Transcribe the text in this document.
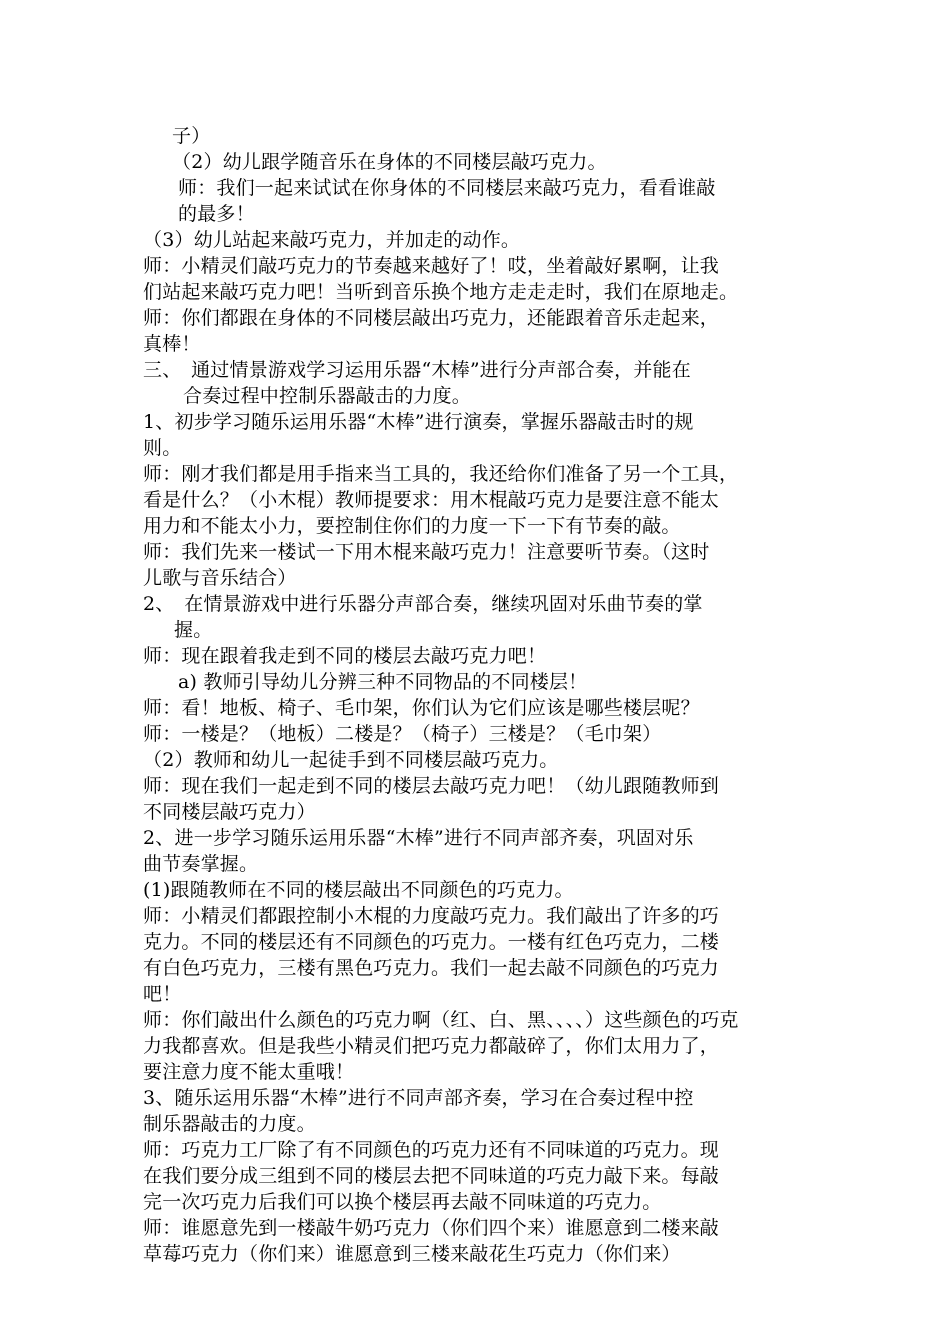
子）
（2）幼儿跟学随音乐在身体的不同楼层敲巧克力。
师：我们一起来试试在你身体的不同楼层来敲巧克力，看看谁敲
的最多！
（3）幼儿站起来敲巧克力，并加走的动作。
师：小精灵们敲巧克力的节奏越来越好了！哎，坐着敲好累啊，让我
们站起来敲巧克力吧！当听到音乐换个地方走走走时，我们在原地走。
师：你们都跟在身体的不同楼层敲出巧克力，还能跟着音乐走起来，
真棒！
三、　通过情景游戏学习运用乐器“木棒”进行分声部合奏，并能在
合奏过程中控制乐器敲击的力度。
1、初步学习随乐运用乐器“木棒”进行演奏，掌握乐器敲击时的规
则。
师：刚才我们都是用手指来当工具的，我还给你们准备了另一个工具，
看是什么？（小木棍）教师提要求：用木棍敲巧克力是要注意不能太
用力和不能太小力，要控制住你们的力度一下一下有节奏的敲。
师：我们先来一楼试一下用木棍来敲巧克力！注意要听节奏。（这时
儿歌与音乐结合）
2、　在情景游戏中进行乐器分声部合奏，继续巩固对乐曲节奏的掌
握。
师：现在跟着我走到不同的楼层去敲巧克力吧！
a) 教师引导幼儿分辨三种不同物品的不同楼层！
师：看！地板、椅子、毛巾架，你们认为它们应该是哪些楼层呢？
师：一楼是？（地板）二楼是？（椅子）三楼是？（毛巾架）
（2）教师和幼儿一起徒手到不同楼层敲巧克力。
师：现在我们一起走到不同的楼层去敲巧克力吧！（幼儿跟随教师到
不同楼层敲巧克力）
2、进一步学习随乐运用乐器“木棒”进行不同声部齐奏，巩固对乐
曲节奏掌握。
(1)跟随教师在不同的楼层敲出不同颜色的巧克力。
师：小精灵们都跟控制小木棍的力度敲巧克力。我们敲出了许多的巧
克力。不同的楼层还有不同颜色的巧克力。一楼有红色巧克力，二楼
有白色巧克力，三楼有黑色巧克力。我们一起去敲不同颜色的巧克力
吧！
师：你们敲出什么颜色的巧克力啊（红、白、黑、、、、）这些颜色的巧克
力我都喜欢。但是我些小精灵们把巧克力都敲碎了，你们太用力了，
要注意力度不能太重哦！
3、随乐运用乐器“木棒”进行不同声部齐奏，学习在合奏过程中控
制乐器敲击的力度。
师：巧克力工厂除了有不同颜色的巧克力还有不同味道的巧克力。现
在我们要分成三组到不同的楼层去把不同味道的巧克力敲下来。每敲
完一次巧克力后我们可以换个楼层再去敲不同味道的巧克力。
师：谁愿意先到一楼敲牛奶巧克力（你们四个来）谁愿意到二楼来敲
草莓巧克力（你们来）谁愿意到三楼来敲花生巧克力（你们来）
